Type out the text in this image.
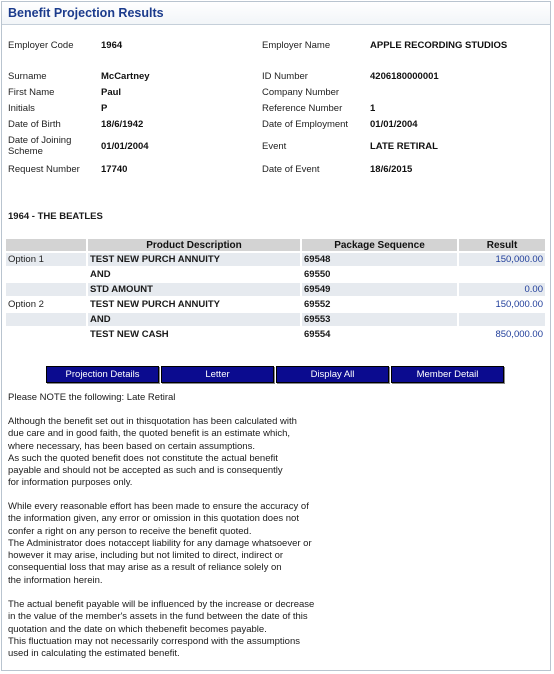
Benefit Projection Results
Employer Code	1964	Employer Name	APPLE RECORDING STUDIOS
Surname	McCartney	ID Number	4206180000001
First Name	Paul	Company Number
Initials	P	Reference Number	1
Date of Birth	18/6/1942	Date of Employment 01/01/2004
Date of Joining Scheme	01/01/2004	Event	LATE RETIRAL
Request Number 17740	Date of Event	18/6/2015
1964 - THE BEATLES
	Product Description	Package Sequence	Result
Option 1	TEST NEW PURCH ANNUITY	69548	150,000.00
	AND	69550	
	STD AMOUNT	69549	0.00
Option 2	TEST NEW PURCH ANNUITY	69552	150,000.00
	AND	69553	
	TEST NEW CASH	69554	850,000.00
Projection Details	Letter	Display All	Member Detail
Please NOTE the following: Late Retiral
Although the benefit set out in thisquotation has been calculated with
due care and in good faith, the quoted benefit is an estimate which,
where necessary, has been based on certain assumptions.
As such the quoted benefit does not constitute the actual benefit
payable and should not be accepted as such and is consequently
for information purposes only.
While every reasonable effort has been made to ensure the accuracy of
the information given, any error or omission in this quotation does not
confer a right on any person to receive the benefit quoted.
The Administrator does notaccept liability for any damage whatsoever or
however it may arise, including but not limited to direct, indirect or
consequential loss that may arise as a result of reliance solely on
the information herein.
The actual benefit payable will be influenced by the increase or decrease
in the value of the member's assets in the fund between the date of this
quotation and the date on which thebenefit becomes payable.
This fluctuation may not necessarily correspond with the assumptions
used in calculating the estimated benefit.
